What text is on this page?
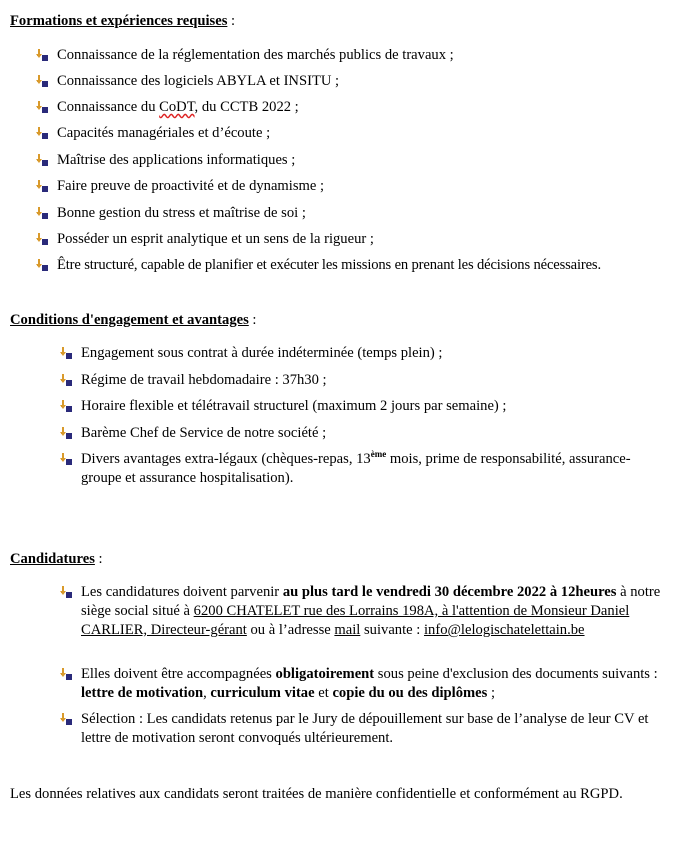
Formations et expériences requises :
Connaissance de la réglementation des marchés publics de travaux ;
Connaissance des logiciels ABYLA et INSITU ;
Connaissance du CoDT, du CCTB 2022 ;
Capacités managériales et d’écoute ;
Maîtrise des applications informatiques ;
Faire preuve de proactivité et de dynamisme ;
Bonne gestion du stress et maîtrise de soi ;
Posséder un esprit analytique et un sens de la rigueur ;
Être structuré, capable de planifier et exécuter les missions en prenant les décisions nécessaires.
Conditions d'engagement et avantages :
Engagement sous contrat à durée indéterminée (temps plein) ;
Régime de travail hebdomadaire : 37h30 ;
Horaire flexible et télétravail structurel (maximum 2 jours par semaine) ;
Barème Chef de Service de notre société ;
Divers avantages extra-légaux (chèques-repas, 13ème mois, prime de responsabilité, assurance-groupe et assurance hospitalisation).
Candidatures :
Les candidatures doivent parvenir au plus tard le vendredi 30 décembre 2022 à 12heures à notre siège social situé à 6200 CHATELET rue des Lorrains 198A, à l'attention de Monsieur Daniel CARLIER, Directeur-gérant ou à l’adresse mail suivante : info@lelogischatelettain.be
Elles doivent être accompagnées obligatoirement sous peine d'exclusion des documents suivants : lettre de motivation, curriculum vitae et copie du ou des diplômes ;
Sélection : Les candidats retenus par le Jury de dépouillement sur base de l’analyse de leur CV et lettre de motivation seront convoqués ultérieurement.
Les données relatives aux candidats seront traitées de manière confidentielle et conformément au RGPD.
